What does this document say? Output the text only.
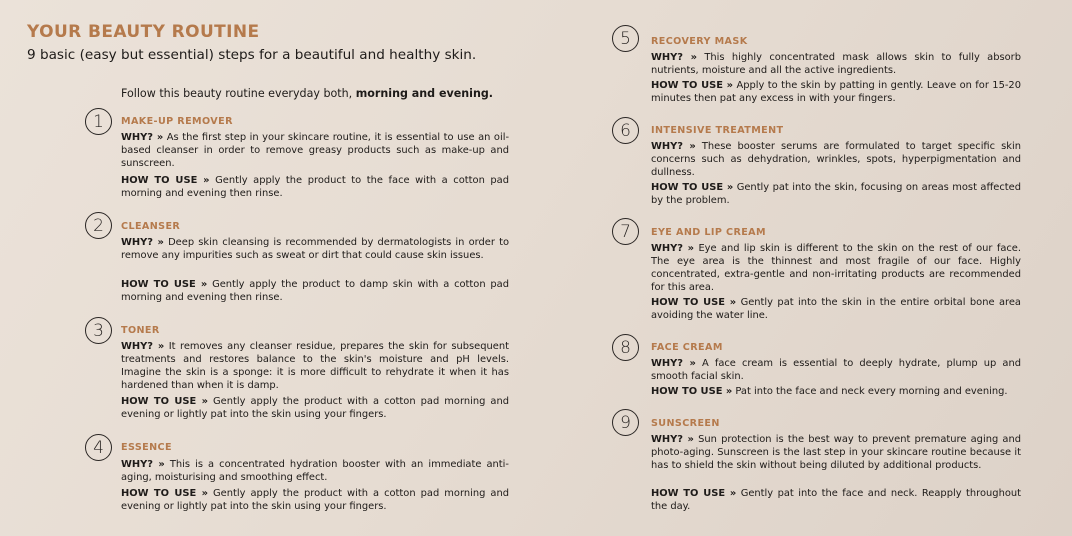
YOUR BEAUTY ROUTINE

9 basic (easy but essential) steps for a beautiful and healthy skin.

Follow this beauty routine everyday both, morning and evening.

1	MAKE-UP REMOVER

WHY? » As the first step in your skincare routine, it is essential to use an oil-based cleanser in order to remove greasy products such as make-up and sunscreen.

HOW TO USE » Gently apply the product to the face with a cotton pad morning and evening then rinse.

2	CLEANSER

WHY? » Deep skin cleansing is recommended by dermatologists in order to remove any impurities such as sweat or dirt that could cause skin issues.

HOW TO USE » Gently apply the product to damp skin with a cotton pad morning and evening then rinse.

3	TONER

WHY? » It removes any cleanser residue, prepares the skin for subsequent treatments and restores balance to the skin's moisture and pH levels. Imagine the skin is a sponge: it is more difficult to rehydrate it when it has hardened than when it is damp.

HOW TO USE » Gently apply the product with a cotton pad morning and evening or lightly pat into the skin using your fingers.

4	ESSENCE

WHY? » This is a concentrated hydration booster with an immediate anti-aging, moisturising and smoothing effect.

HOW TO USE » Gently apply the product with a cotton pad morning and evening or lightly pat into the skin using your fingers.

5	RECOVERY MASK

WHY? » This highly concentrated mask allows skin to fully absorb nutrients, moisture and all the active ingredients.

HOW TO USE » Apply to the skin by patting in gently. Leave on for 15-20 minutes then pat any excess in with your fingers.

6	INTENSIVE TREATMENT

WHY? » These booster serums are formulated to target specific skin concerns such as dehydration, wrinkles, spots, hyperpigmentation and dullness.

HOW TO USE » Gently pat into the skin, focusing on areas most affected by the problem.

7	EYE AND LIP CREAM

WHY? » Eye and lip skin is different to the skin on the rest of our face. The eye area is the thinnest and most fragile of our face. Highly concentrated, extra-gentle and non-irritating products are recommended for this area.

HOW TO USE » Gently pat into the skin in the entire orbital bone area avoiding the water line.

8	FACE CREAM

WHY? » A face cream is essential to deeply hydrate, plump up and smooth facial skin.

HOW TO USE » Pat into the face and neck every morning and evening.

9	SUNSCREEN

WHY? » Sun protection is the best way to prevent premature aging and photo-aging. Sunscreen is the last step in your skincare routine because it has to shield the skin without being diluted by additional products.

HOW TO USE » Gently pat into the face and neck. Reapply throughout the day.
